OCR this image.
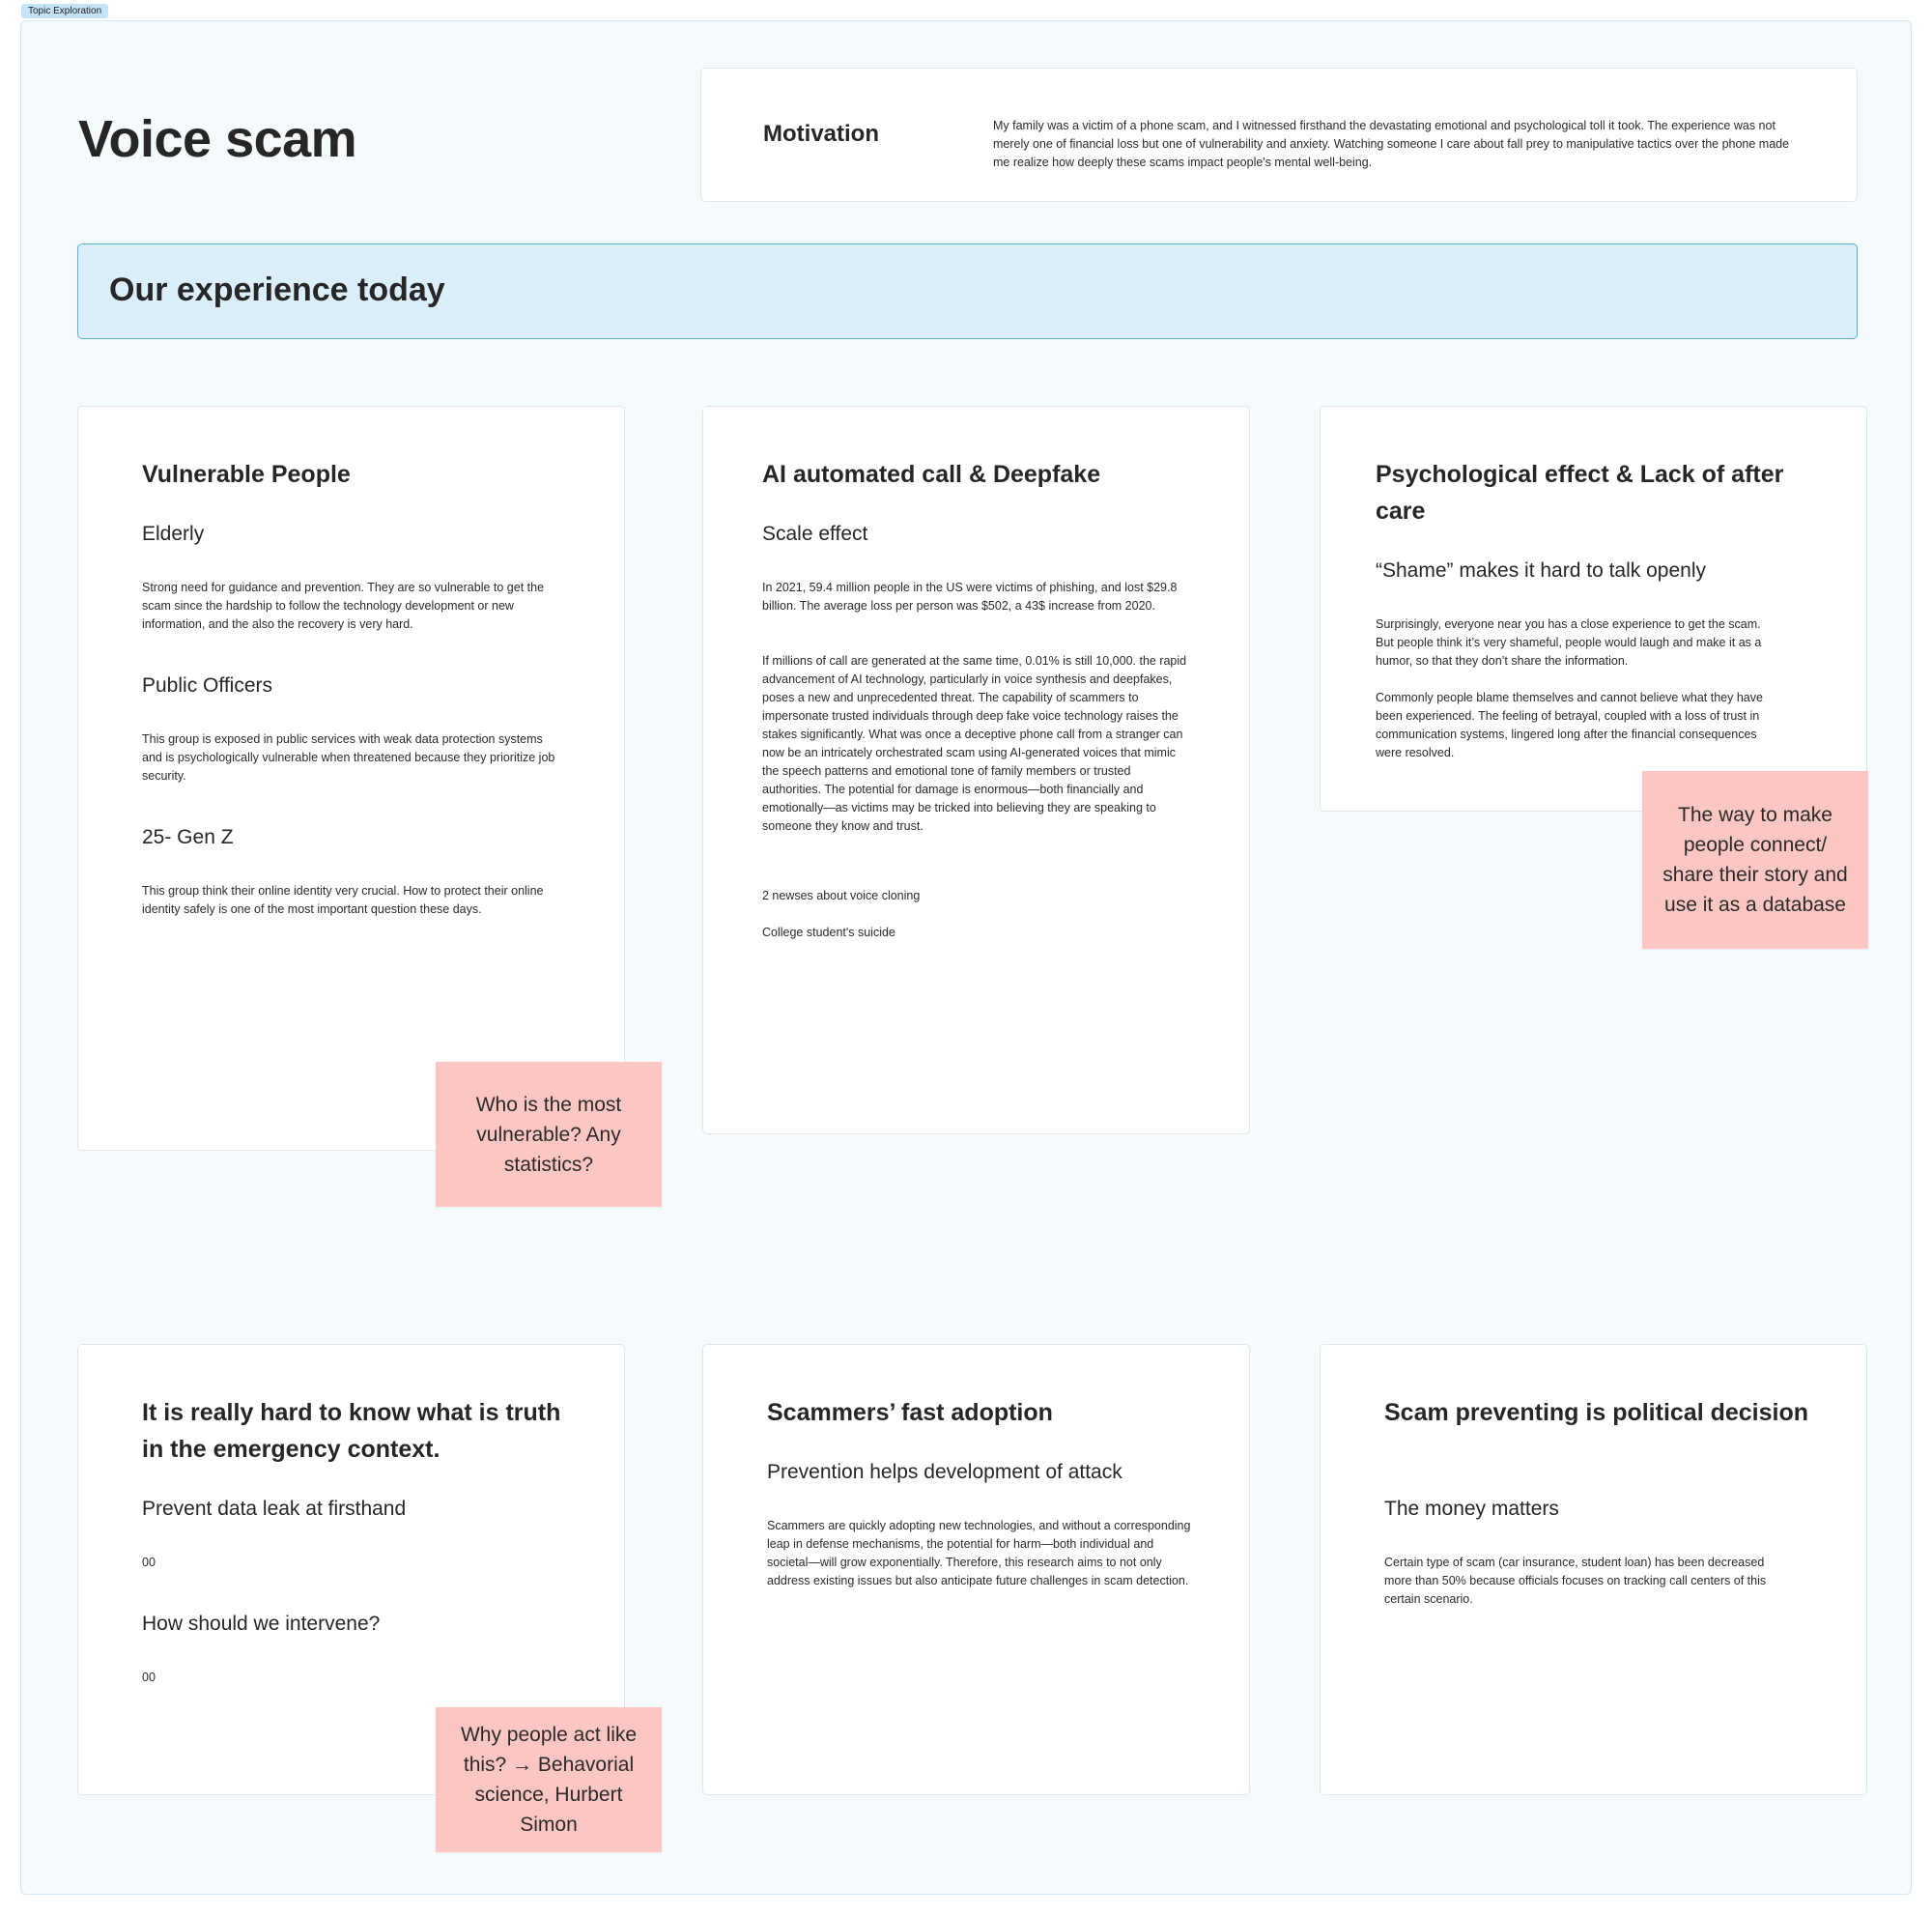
Topic Exploration
Voice scam	Motivation	My family was a victim of a phone scam, and I witnessed firsthand the devastating emotional and psychological toll it took. The experience was not merely one of financial loss but one of vulnerability and anxiety. Watching someone I care about fall prey to manipulative tactics over the phone made me realize how deeply these scams impact people's mental well-being.
Our experience today
Vulnerable People
Elderly
Strong need for guidance and prevention. They are so vulnerable to get the scam since the hardship to follow the technology development or new information, and the also the recovery is very hard.
Public Officers
This group is exposed in public services with weak data protection systems and is psychologically vulnerable when threatened because they prioritize job security.
25- Gen Z
This group think their online identity very crucial. How to protect their online identity safely is one of the most important question these days.
AI automated call & Deepfake
Scale effect
In 2021, 59.4 million people in the US were victims of phishing, and lost $29.8 billion. The average loss per person was $502, a 43$ increase from 2020.
If millions of call are generated at the same time, 0.01% is still 10,000. the rapid advancement of AI technology, particularly in voice synthesis and deepfakes, poses a new and unprecedented threat. The capability of scammers to impersonate trusted individuals through deep fake voice technology raises the stakes significantly. What was once a deceptive phone call from a stranger can now be an intricately orchestrated scam using AI-generated voices that mimic the speech patterns and emotional tone of family members or trusted authorities. The potential for damage is enormous—both financially and emotionally—as victims may be tricked into believing they are speaking to someone they know and trust.
2 newses about voice cloning
College student's suicide
Psychological effect & Lack of after care
“Shame” makes it hard to talk openly
Surprisingly, everyone near you has a close experience to get the scam. But people think it’s very shameful, people would laugh and make it as a humor, so that they don’t share the information.
Commonly people blame themselves and cannot believe what they have been experienced. The feeling of betrayal, coupled with a loss of trust in communication systems, lingered long after the financial consequences were resolved.
It is really hard to know what is truth in the emergency context.
Prevent data leak at firsthand
00
How should we intervene?
00
Scammers’ fast adoption
Prevention helps development of attack
Scammers are quickly adopting new technologies, and without a corresponding leap in defense mechanisms, the potential for harm—both individual and societal—will grow exponentially. Therefore, this research aims to not only address existing issues but also anticipate future challenges in scam detection.
Scam preventing is political decision
The money matters
Certain type of scam (car insurance, student loan) has been decreased more than 50% because officials focuses on tracking call centers of this certain scenario.
Who is the most vulnerable? Any statistics?
The way to make people connect/ share their story and use it as a database
Why people act like this? → Behavorial science, Hurbert Simon
